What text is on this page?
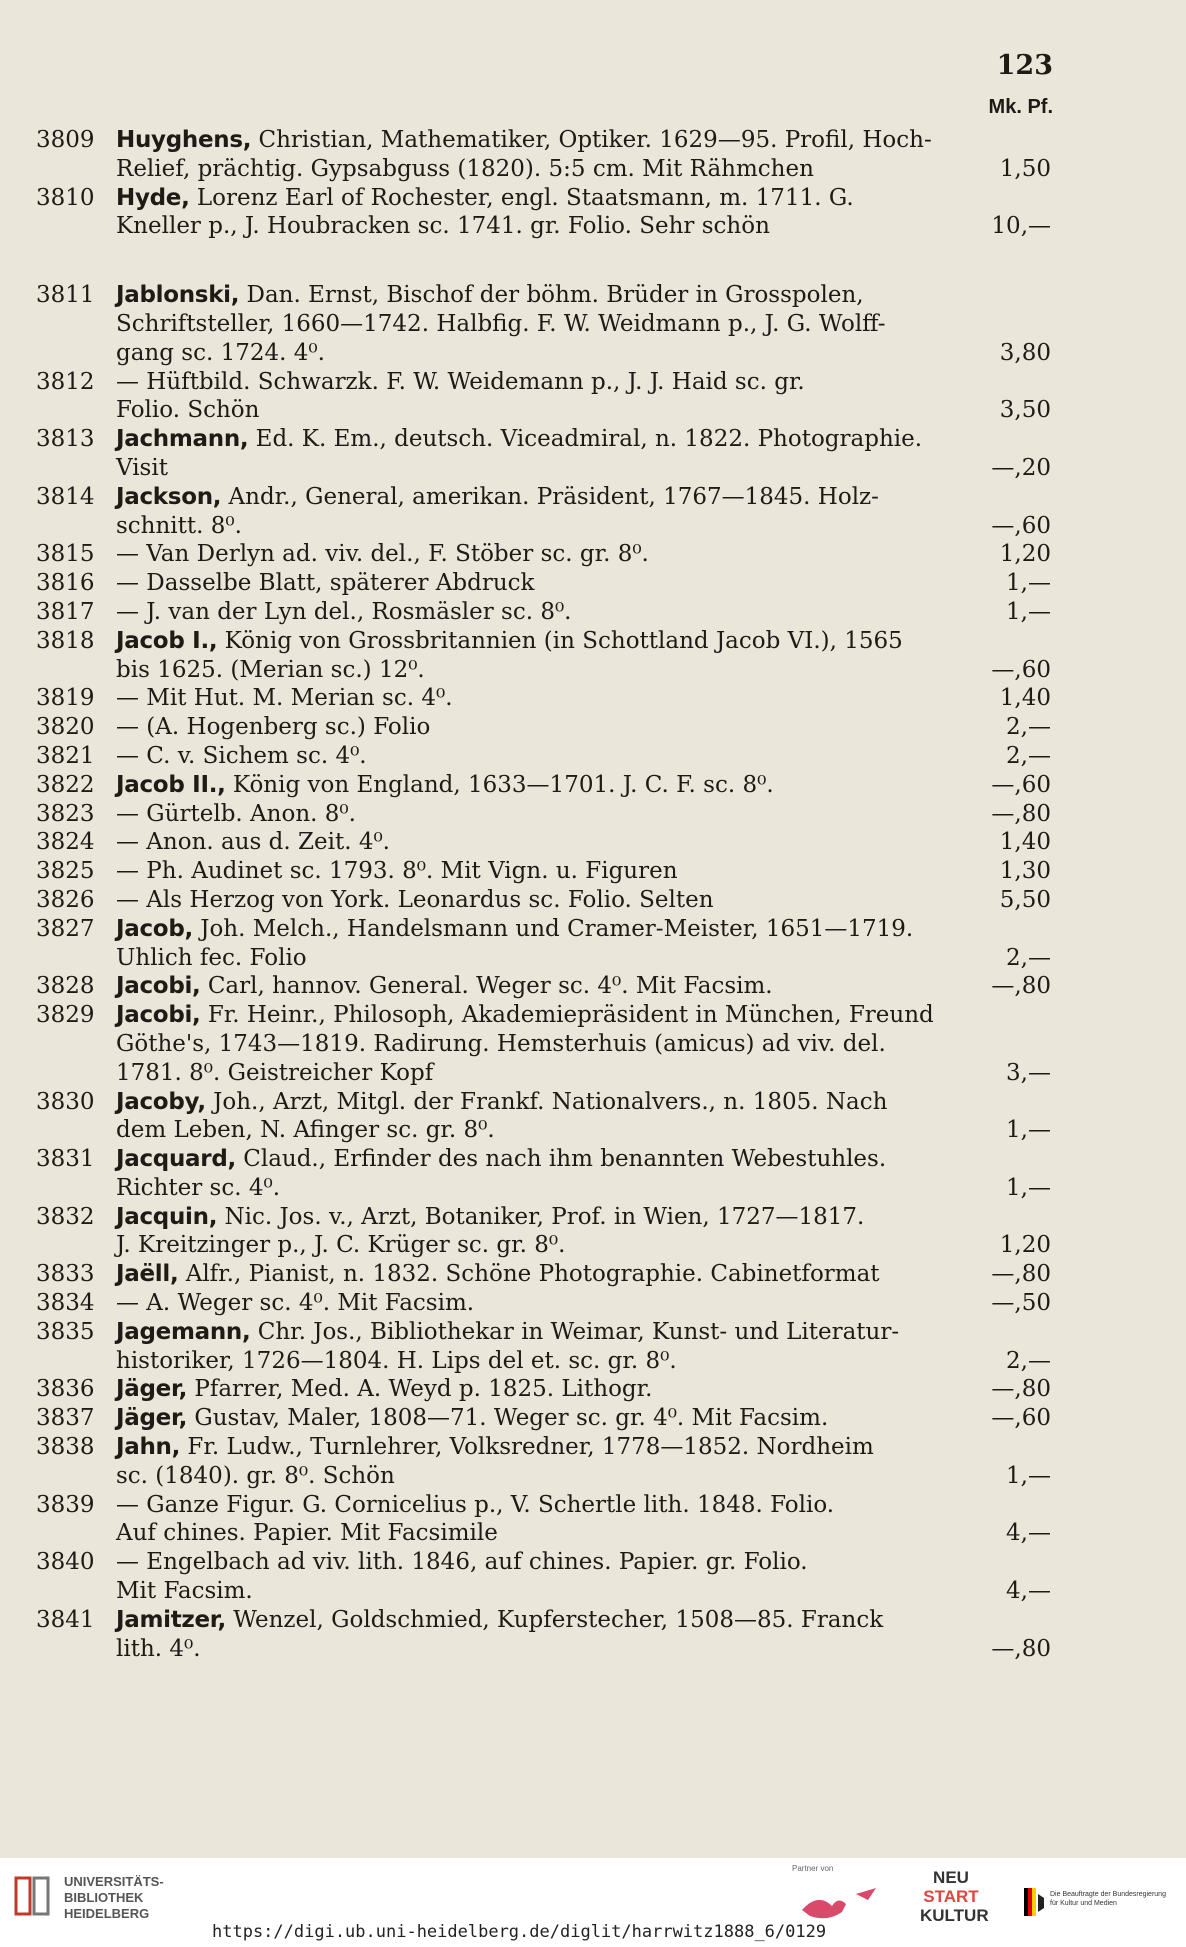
123
Mk. Pf.
3809 Huyghens, Christian, Mathematiker, Optiker. 1629—95. Profil, Hoch-
Relief, prächtig. Gypsabguss (1820). 5:5 cm. Mit Rähmchen	1,50
3810 Hyde, Lorenz Earl of Rochester, engl. Staatsmann, m. 1711. G.
Kneller p., J. Houbracken sc. 1741. gr. Folio. Sehr schön	10,—
3811 Jablonski, Dan. Ernst, Bischof der böhm. Brüder in Grosspolen,
Schriftsteller, 1660—1742. Halbfig. F. W. Weidmann p., J. G. Wolff-
gang sc. 1724. 4⁰.	3,80
3812 — Hüftbild. Schwarzk. F. W. Weidemann p., J. J. Haid sc. gr.
Folio. Schön	3,50
3813 Jachmann, Ed. K. Em., deutsch. Viceadmiral, n. 1822. Photographie.
Visit	—,20
3814 Jackson, Andr., General, amerikan. Präsident, 1767—1845. Holz-
schnitt. 8⁰.	—,60
3815 — Van Derlyn ad. viv. del., F. Stöber sc. gr. 8⁰.	1,20
3816 — Dasselbe Blatt, späterer Abdruck	1,—
3817 — J. van der Lyn del., Rosmäsler sc. 8⁰.	1,—
3818 Jacob I., König von Grossbritannien (in Schottland Jacob VI.), 1565
bis 1625. (Merian sc.) 12⁰.	—,60
3819 — Mit Hut. M. Merian sc. 4⁰.	1,40
3820 — (A. Hogenberg sc.) Folio	2,—
3821 — C. v. Sichem sc. 4⁰.	2,—
3822 Jacob II., König von England, 1633—1701. J. C. F. sc. 8⁰.	—,60
3823 — Gürtelb. Anon. 8⁰.	—,80
3824 — Anon. aus d. Zeit. 4⁰.	1,40
3825 — Ph. Audinet sc. 1793. 8⁰. Mit Vign. u. Figuren	1,30
3826 — Als Herzog von York. Leonardus sc. Folio. Selten	5,50
3827 Jacob, Joh. Melch., Handelsmann und Cramer-Meister, 1651—1719.
Uhlich fec. Folio	2,—
3828 Jacobi, Carl, hannov. General. Weger sc. 4⁰. Mit Facsim.	—,80
3829 Jacobi, Fr. Heinr., Philosoph, Akademiepräsident in München, Freund
Göthe's, 1743—1819. Radirung. Hemsterhuis (amicus) ad viv. del.
1781. 8⁰. Geistreicher Kopf	3,—
3830 Jacoby, Joh., Arzt, Mitgl. der Frankf. Nationalvers., n. 1805. Nach
dem Leben, N. Afinger sc. gr. 8⁰.	1,—
3831 Jacquard, Claud., Erfinder des nach ihm benannten Webestuhles.
Richter sc. 4⁰.	1,—
3832 Jacquin, Nic. Jos. v., Arzt, Botaniker, Prof. in Wien, 1727—1817.
J. Kreitzinger p., J. C. Krüger sc. gr. 8⁰.	1,20
3833 Jaëll, Alfr., Pianist, n. 1832. Schöne Photographie. Cabinetformat	—,80
3834 — A. Weger sc. 4⁰. Mit Facsim.	—,50
3835 Jagemann, Chr. Jos., Bibliothekar in Weimar, Kunst- und Literatur-
historiker, 1726—1804. H. Lips del et. sc. gr. 8⁰.	2,—
3836 Jäger, Pfarrer, Med. A. Weyd p. 1825. Lithogr.	—,80
3837 Jäger, Gustav, Maler, 1808—71. Weger sc. gr. 4⁰. Mit Facsim.	—,60
3838 Jahn, Fr. Ludw., Turnlehrer, Volksredner, 1778—1852. Nordheim
sc. (1840). gr. 8⁰. Schön	1,—
3839 — Ganze Figur. G. Cornicelius p., V. Schertle lith. 1848. Folio.
Auf chines. Papier. Mit Facsimile	4,—
3840 — Engelbach ad viv. lith. 1846, auf chines. Papier. gr. Folio.
Mit Facsim.	4,—
3841 Jamitzer, Wenzel, Goldschmied, Kupferstecher, 1508—85. Franck
lith. 4⁰.	—,80
UNIVERSITÄTS-
BIBLIOTHEK
HEIDELBERG
Partner von	NEU
START
KULTUR
Die Beauftragte der Bundesregierung
für Kultur und Medien
https://digi.ub.uni-heidelberg.de/diglit/harrwitz1888_6/0129
